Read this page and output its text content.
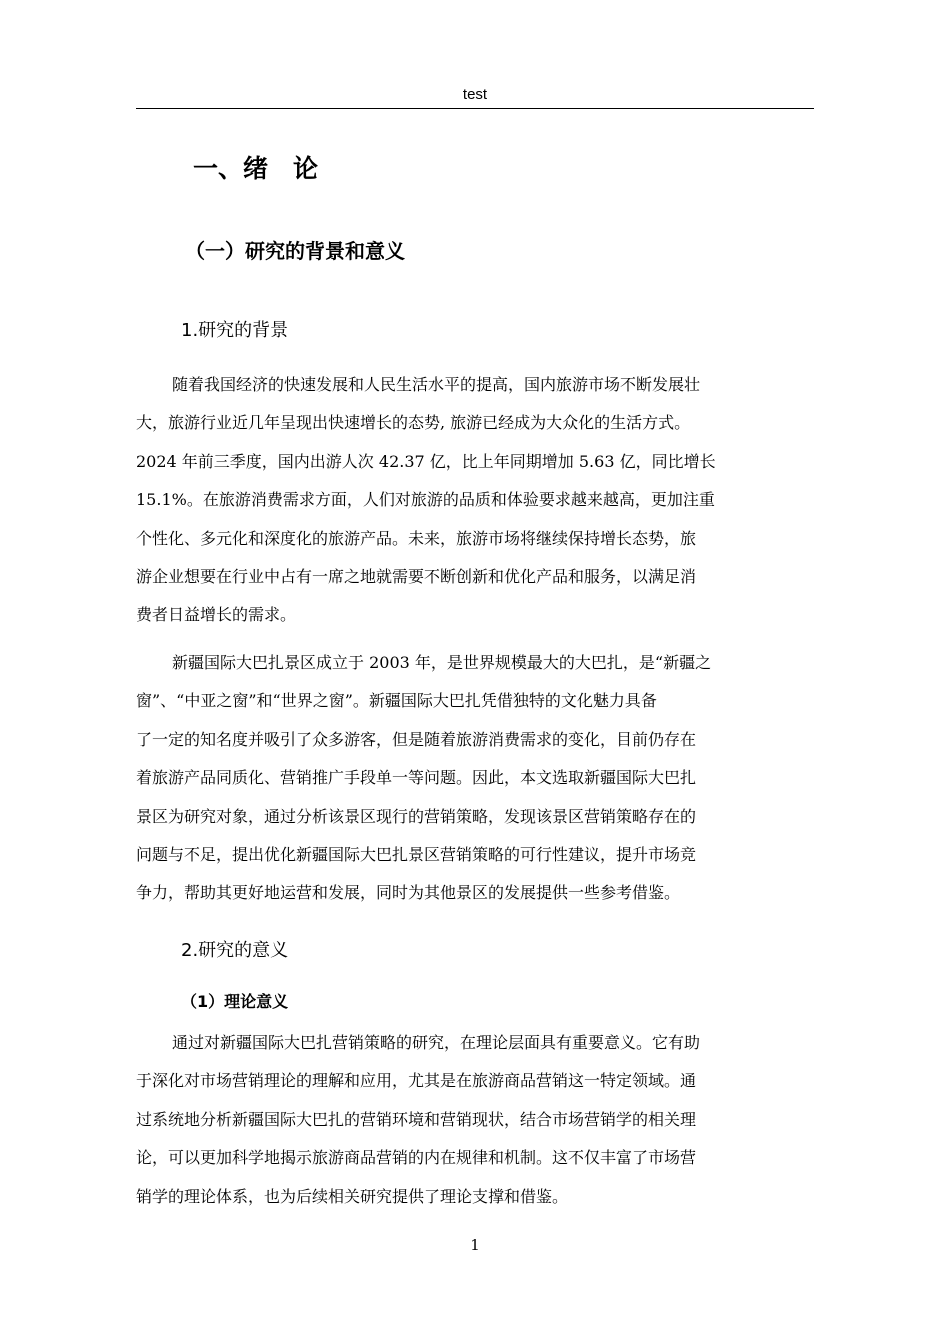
test
一、绪　论
（一）研究的背景和意义
1.研究的背景
随着我国经济的快速发展和人民生活水平的提高，国内旅游市场不断发展壮
大，旅游行业近几年呈现出快速增长的态势, 旅游已经成为大众化的生活方式。
2024 年前三季度，国内出游人次 42.37 亿，比上年同期增加 5.63 亿，同比增长
15.1%。在旅游消费需求方面，人们对旅游的品质和体验要求越来越高，更加注重
个性化、多元化和深度化的旅游产品。未来，旅游市场将继续保持增长态势，旅
游企业想要在行业中占有一席之地就需要不断创新和优化产品和服务，以满足消
费者日益增长的需求。
新疆国际大巴扎景区成立于 2003 年，是世界规模最大的大巴扎，是“新疆之
窗”、“中亚之窗”和“世界之窗”。新疆国际大巴扎凭借独特的文化魅力具备
了一定的知名度并吸引了众多游客，但是随着旅游消费需求的变化，目前仍存在
着旅游产品同质化、营销推广手段单一等问题。因此，本文选取新疆国际大巴扎
景区为研究对象，通过分析该景区现行的营销策略，发现该景区营销策略存在的
问题与不足，提出优化新疆国际大巴扎景区营销策略的可行性建议，提升市场竞
争力，帮助其更好地运营和发展，同时为其他景区的发展提供一些参考借鉴。
2.研究的意义
（1）理论意义
通过对新疆国际大巴扎营销策略的研究，在理论层面具有重要意义。它有助
于深化对市场营销理论的理解和应用，尤其是在旅游商品营销这一特定领域。通
过系统地分析新疆国际大巴扎的营销环境和营销现状，结合市场营销学的相关理
论，可以更加科学地揭示旅游商品营销的内在规律和机制。这不仅丰富了市场营
销学的理论体系，也为后续相关研究提供了理论支撑和借鉴。
1
